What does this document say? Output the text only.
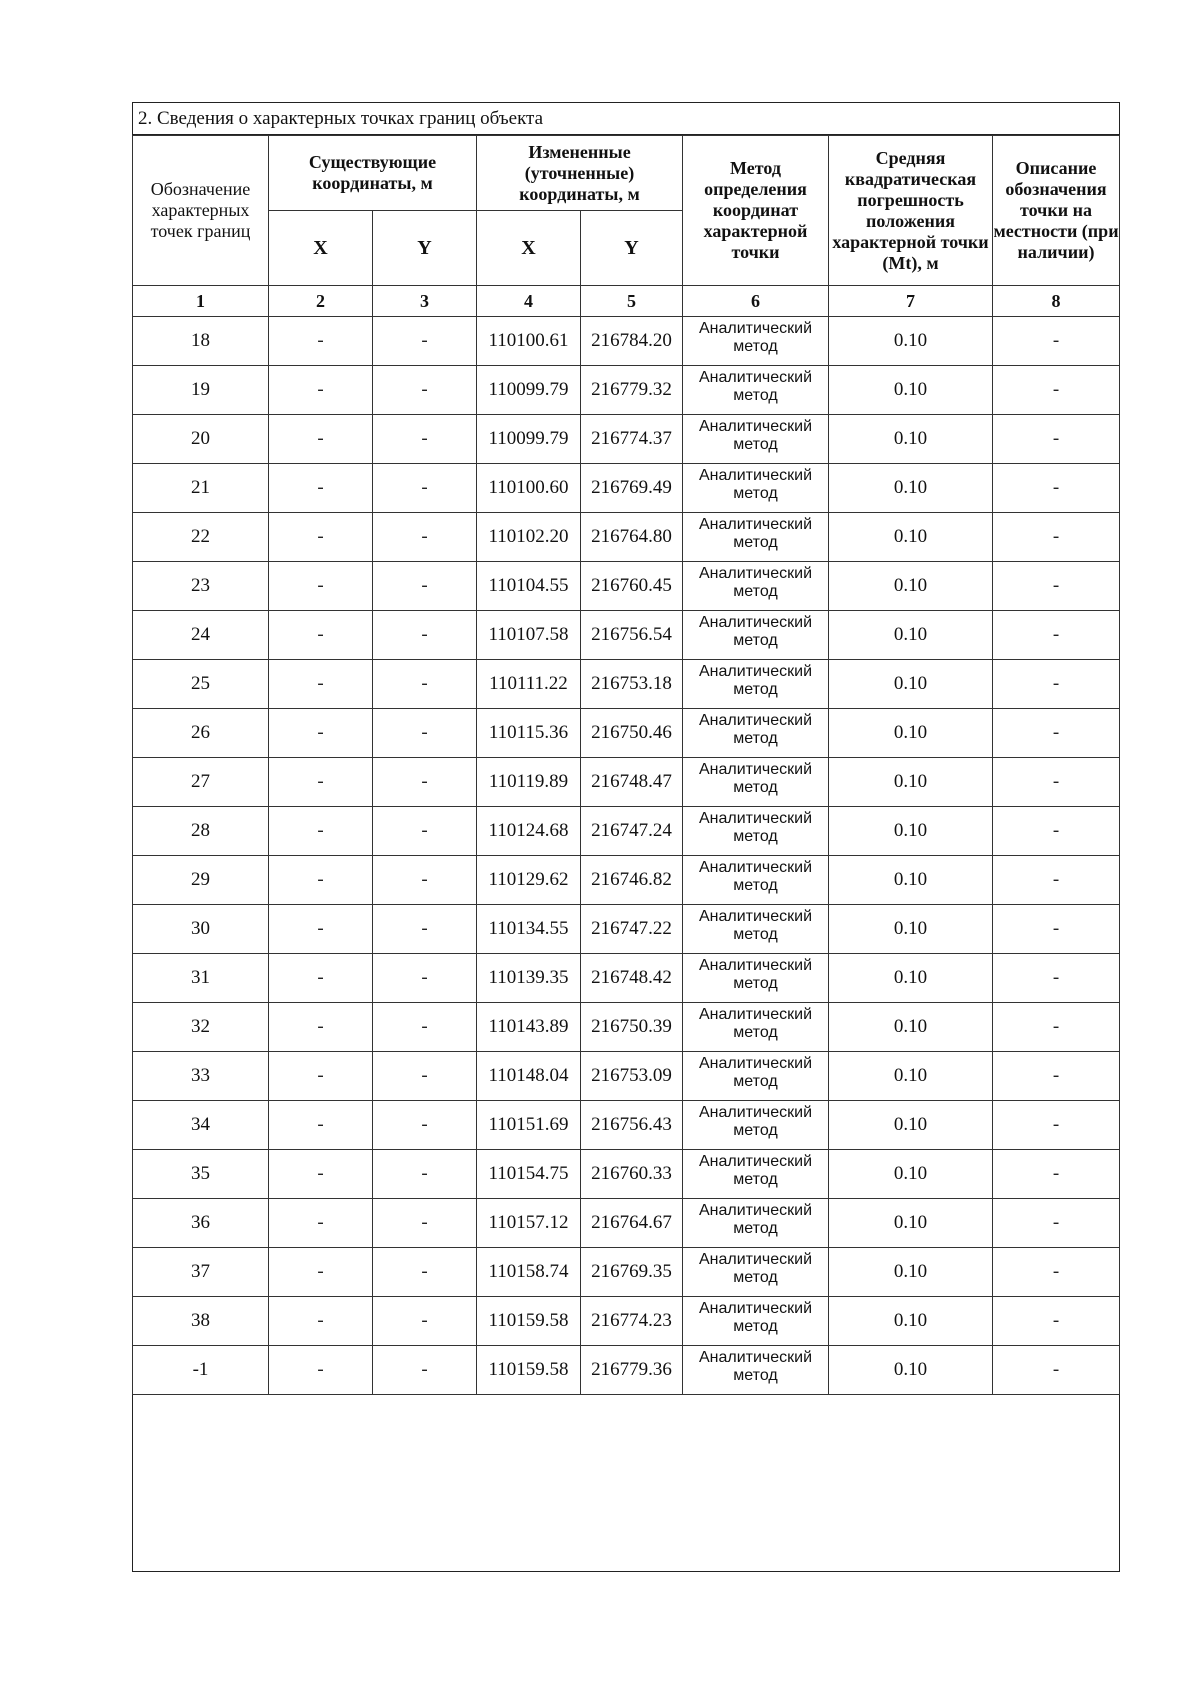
2. Сведения о характерных точках границ объекта
Обозначение характерных точек границ	Существующие координаты, м		Измененные (уточненные) координаты, м		Метод определения координат характерной точки	Средняя квадратическая погрешность положения характерной точки (Mt), м	Описание обозначения точки на местности (при наличии)
	X	Y	X	Y			
1	2	3	4	5	6	7	8
18	-	-	110100.61	216784.20	Аналитический метод	0.10	-
19	-	-	110099.79	216779.32	Аналитический метод	0.10	-
20	-	-	110099.79	216774.37	Аналитический метод	0.10	-
21	-	-	110100.60	216769.49	Аналитический метод	0.10	-
22	-	-	110102.20	216764.80	Аналитический метод	0.10	-
23	-	-	110104.55	216760.45	Аналитический метод	0.10	-
24	-	-	110107.58	216756.54	Аналитический метод	0.10	-
25	-	-	110111.22	216753.18	Аналитический метод	0.10	-
26	-	-	110115.36	216750.46	Аналитический метод	0.10	-
27	-	-	110119.89	216748.47	Аналитический метод	0.10	-
28	-	-	110124.68	216747.24	Аналитический метод	0.10	-
29	-	-	110129.62	216746.82	Аналитический метод	0.10	-
30	-	-	110134.55	216747.22	Аналитический метод	0.10	-
31	-	-	110139.35	216748.42	Аналитический метод	0.10	-
32	-	-	110143.89	216750.39	Аналитический метод	0.10	-
33	-	-	110148.04	216753.09	Аналитический метод	0.10	-
34	-	-	110151.69	216756.43	Аналитический метод	0.10	-
35	-	-	110154.75	216760.33	Аналитический метод	0.10	-
36	-	-	110157.12	216764.67	Аналитический метод	0.10	-
37	-	-	110158.74	216769.35	Аналитический метод	0.10	-
38	-	-	110159.58	216774.23	Аналитический метод	0.10	-
-1	-	-	110159.58	216779.36	Аналитический метод	0.10	-
